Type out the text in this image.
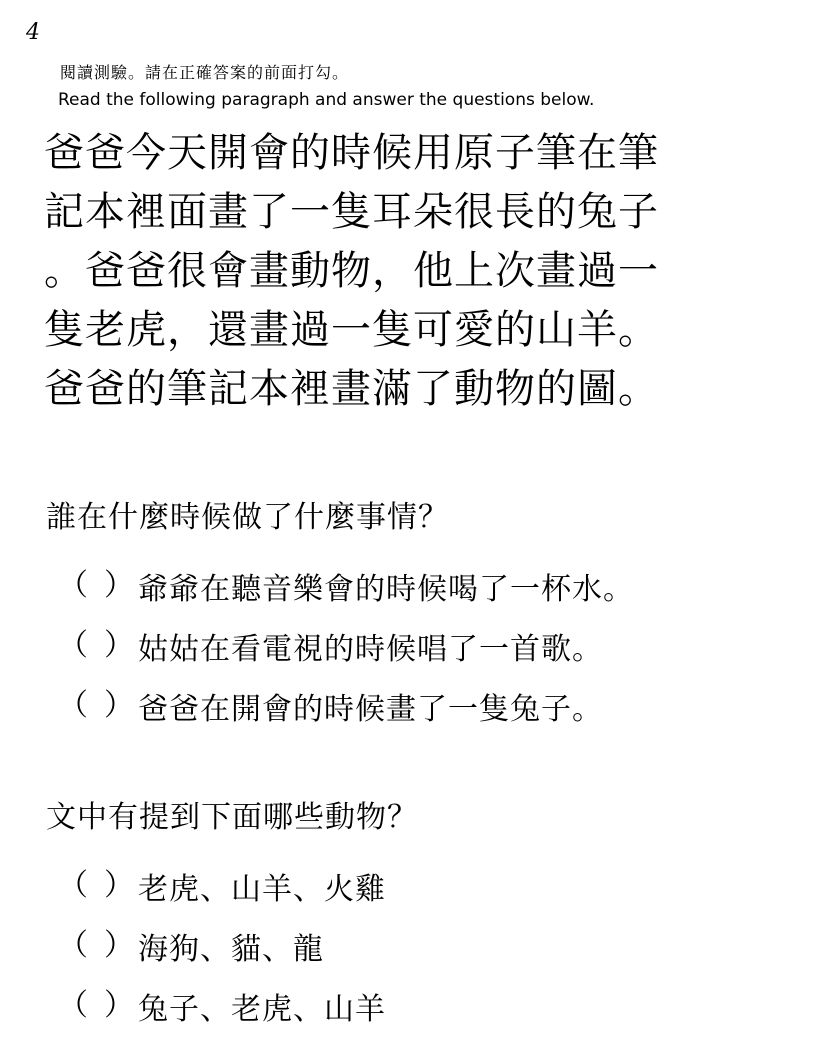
4
閱讀測驗。請在正確答案的前面打勾。
Read the following paragraph and answer the questions below.
爸爸今天開會的時候用原子筆在筆
記本裡面畫了一隻耳朵很長的兔子
。爸爸很會畫動物，他上次畫過一
隻老虎，還畫過一隻可愛的山羊。
爸爸的筆記本裡畫滿了動物的圖。
誰在什麼時候做了什麼事情？
（ ） 爺爺在聽音樂會的時候喝了一杯水。
（ ） 姑姑在看電視的時候唱了一首歌。
（ ） 爸爸在開會的時候畫了一隻兔子。
文中有提到下面哪些動物？
（ ） 老虎、山羊、火雞
（ ） 海狗、貓、龍
（ ） 兔子、老虎、山羊
